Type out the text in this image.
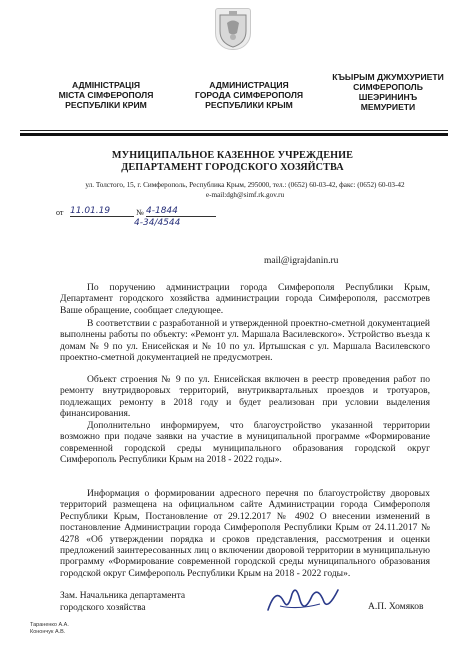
АДМІНІСТРАЦІЯ
МІСТА СІМФЕРОПОЛЯ
РЕСПУБЛІКИ КРИМ
АДМИНИСТРАЦИЯ
ГОРОДА СИМФЕРОПОЛЯ
РЕСПУБЛИКИ КРЫМ
КЪЫРЫМ ДЖУМХУРИЕТИ
СИМФЕРОПОЛЬ
ШЕЭРИНИНЪ
МЕМУРИЕТИ
МУНИЦИПАЛЬНОЕ КАЗЕННОЕ УЧРЕЖДЕНИЕ
ДЕПАРТАМЕНТ ГОРОДСКОГО ХОЗЯЙСТВА
ул. Толстого, 15, г. Симферополь, Республика Крым, 295000, тел.: (0652) 60-03-42, факс: (0652) 60-03-42
e-mail:dgh@simf.rk.gov.ru
от 11.01.19	№ 4-1844
4-34/4544
mail@igrajdanin.ru
По поручению администрации города Симферополя Республики Крым, Департамент городского хозяйства администрации города Симферополя, рассмотрев Ваше обращение, сообщает следующее.
В соответствии с разработанной и утвержденной проектно-сметной документацией выполнены работы по объекту: «Ремонт ул. Маршала Василевского». Устройство въезда к домам № 9 по ул. Енисейская и № 10 по ул. Иртышская с ул. Маршала Василевского проектно-сметной документацией не предусмотрен.
Объект строения № 9 по ул. Енисейская включен в реестр проведения работ по ремонту внутридворовых территорий, внутриквартальных проездов и тротуаров, подлежащих ремонту в 2018 году и будет реализован при условии выделения финансирования.
Дополнительно информируем, что благоустройство указанной территории возможно при подаче заявки на участие в муниципальной программе «Формирование современной городской среды муниципального образования городской округ Симферополь Республики Крым на 2018 - 2022 годы».
Информация о формировании адресного перечня по благоустройству дворовых территорий размещена на официальном сайте Администрации города Симферополя Республики Крым, Постановление от 29.12.2017 № 4902 О внесении изменений в постановление Администрации города Симферополя Республики Крым от 24.11.2017 № 4278 «Об утверждении порядка и сроков представления, рассмотрения и оценки предложений заинтересованных лиц о включении дворовой территории в муниципальную программу «Формирование современной городской среды муниципального образования городской округ Симферополь Республики Крым на 2018 - 2022 годы».
Зам. Начальника департамента
городского хозяйства	А.П. Хомяков
Тараненко А.А.
Конончук А.В.
